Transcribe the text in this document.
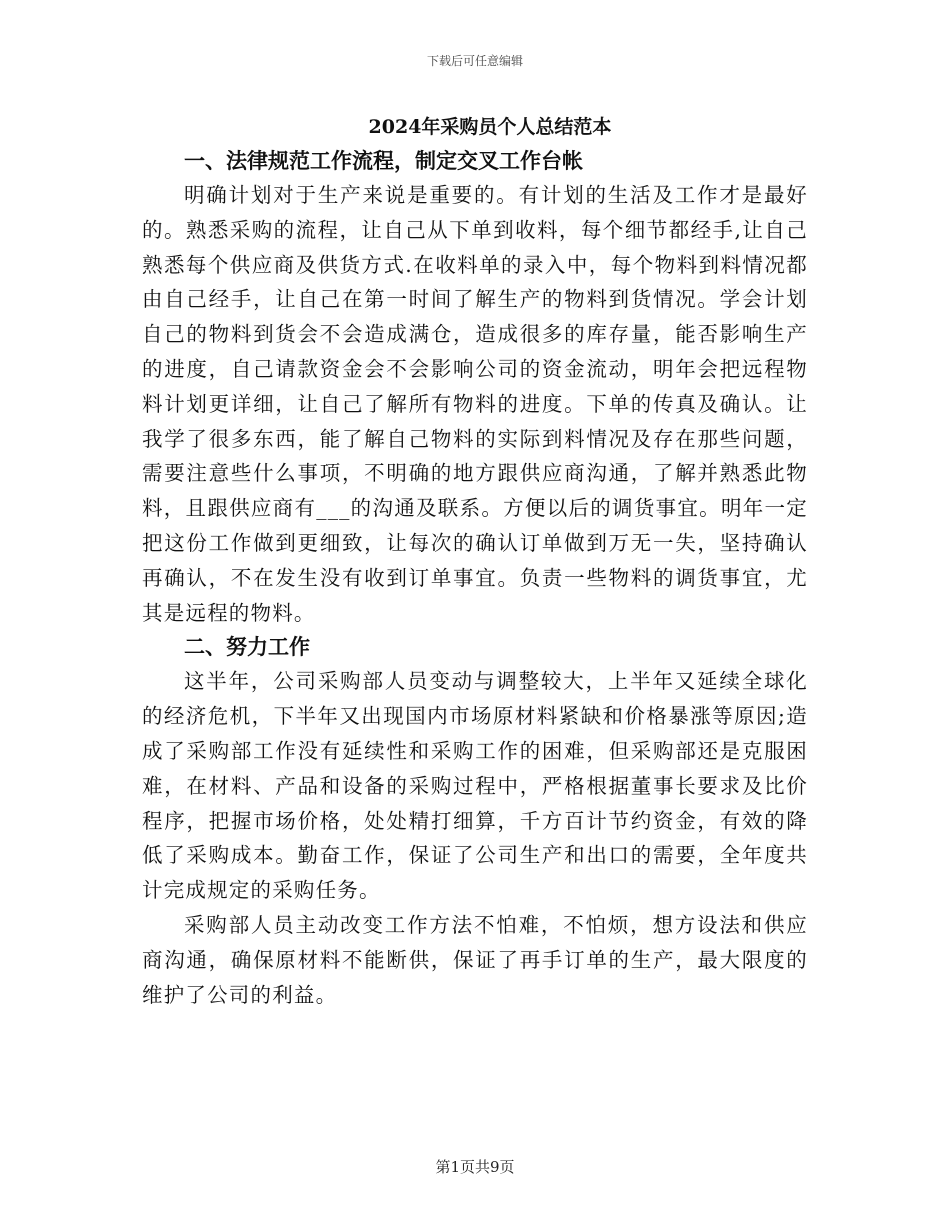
下载后可任意编辑
2024年采购员个人总结范本
一、法律规范工作流程，制定交叉工作台帐

明确计划对于生产来说是重要的。有计划的生活及工作才是最好的。熟悉采购的流程，让自己从下单到收料，每个细节都经手,让自己熟悉每个供应商及供货方式.在收料单的录入中，每个物料到料情况都由自己经手，让自己在第一时间了解生产的物料到货情况。学会计划自己的物料到货会不会造成满仓，造成很多的库存量，能否影响生产的进度，自己请款资金会不会影响公司的资金流动，明年会把远程物料计划更详细，让自己了解所有物料的进度。下单的传真及确认。让我学了很多东西，能了解自己物料的实际到料情况及存在那些问题，需要注意些什么事项，不明确的地方跟供应商沟通，了解并熟悉此物料，且跟供应商有___的沟通及联系。方便以后的调货事宜。明年一定把这份工作做到更细致，让每次的确认订单做到万无一失，坚持确认再确认，不在发生没有收到订单事宜。负责一些物料的调货事宜，尤其是远程的物料。

二、努力工作

这半年，公司采购部人员变动与调整较大，上半年又延续全球化的经济危机，下半年又出现国内市场原材料紧缺和价格暴涨等原因;造成了采购部工作没有延续性和采购工作的困难，但采购部还是克服困难，在材料、产品和设备的采购过程中，严格根据董事长要求及比价程序，把握市场价格，处处精打细算，千方百计节约资金，有效的降低了采购成本。勤奋工作，保证了公司生产和出口的需要，全年度共计完成规定的采购任务。

采购部人员主动改变工作方法不怕难，不怕烦，想方设法和供应商沟通，确保原材料不能断供，保证了再手订单的生产，最大限度的维护了公司的利益。

第1页共9页
